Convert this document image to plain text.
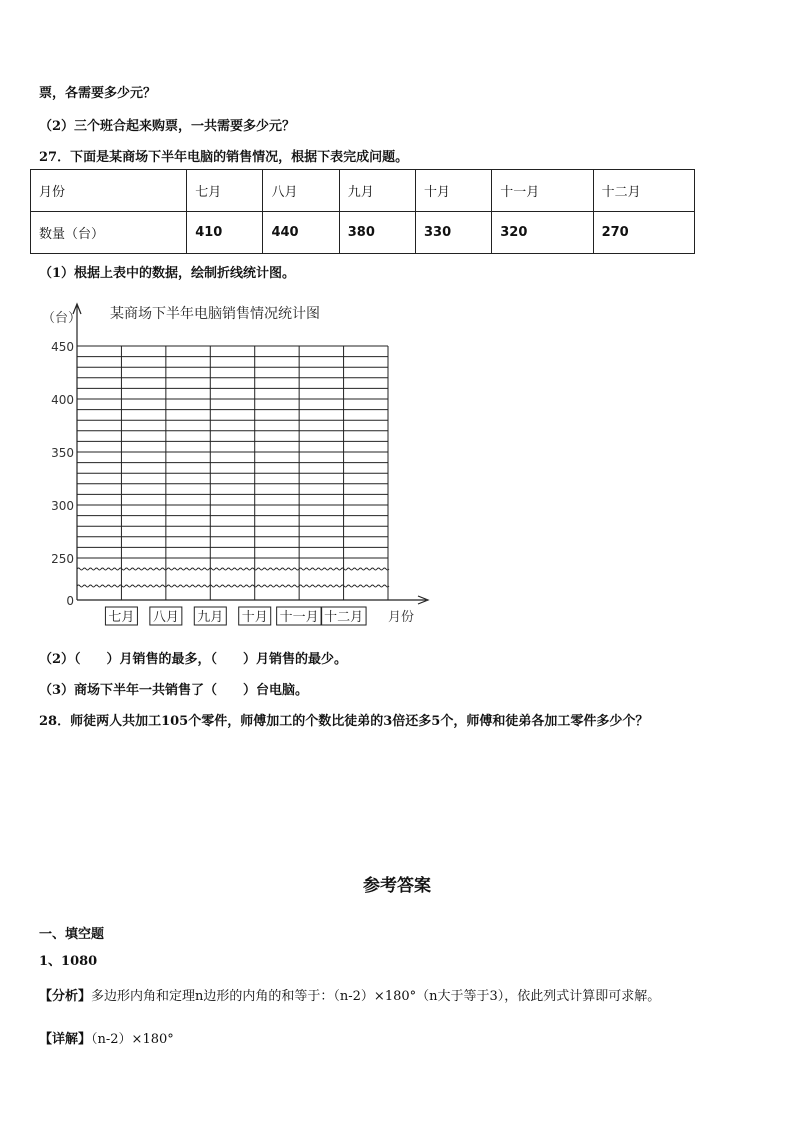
票，各需要多少元？
（2）三个班合起来购票，一共需要多少元？
27．下面是某商场下半年电脑的销售情况，根据下表完成问题。
月份	七月	八月	九月	十月	十一月	十二月
数量（台）	410	440	380	330	320	270
（1）根据上表中的数据，绘制折线统计图。
0
250
300
350
400
450
（台） 某商场下半年电脑销售情况统计图
七月 八月 九月 十月 十一月 十二月 月份
（2）（　　）月销售的最多，（　　）月销售的最少。
（3）商场下半年一共销售了（　　）台电脑。
28．师徒两人共加工105个零件，师傅加工的个数比徒弟的3倍还多5个，师傅和徒弟各加工零件多少个？
参考答案
一、填空题
1、1080
【分析】多边形内角和定理n边形的内角的和等于：（n-2）×180°（n大于等于3），依此列式计算即可求解。
【详解】（n-2）×180°
